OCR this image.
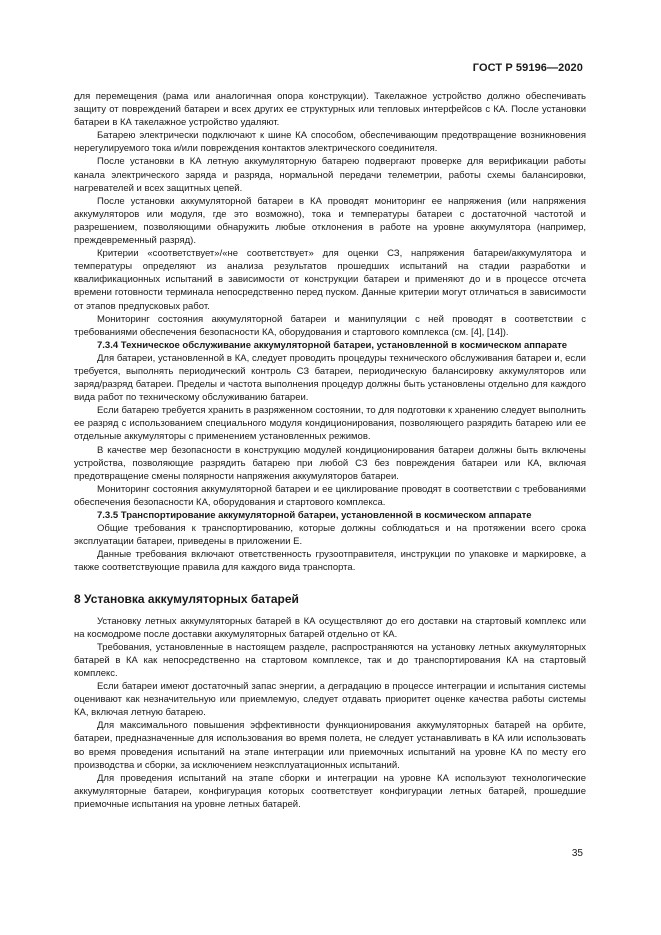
ГОСТ Р 59196—2020

для перемещения (рама или аналогичная опора конструкции). Такелажное устройство должно обеспечивать защиту от повреждений батареи и всех других ее структурных или тепловых интерфейсов с КА. После установки батареи в КА такелажное устройство удаляют.

Батарею электрически подключают к шине КА способом, обеспечивающим предотвращение возникновения нерегулируемого тока и/или повреждения контактов электрического соединителя.

После установки в КА летную аккумуляторную батарею подвергают проверке для верификации работы канала электрического заряда и разряда, нормальной передачи телеметрии, работы схемы балансировки, нагревателей и всех защитных цепей.

После установки аккумуляторной батареи в КА проводят мониторинг ее напряжения (или напряжения аккумуляторов или модуля, где это возможно), тока и температуры батареи с достаточной частотой и разрешением, позволяющими обнаружить любые отклонения в работе на уровне аккумулятора (например, преждевременный разряд).

Критерии «соответствует»/«не соответствует» для оценки СЗ, напряжения батареи/аккумулятора и температуры определяют из анализа результатов прошедших испытаний на стадии разработки и квалификационных испытаний в зависимости от конструкции батареи и применяют до и в процессе отсчета времени готовности терминала непосредственно перед пуском. Данные критерии могут отличаться в зависимости от этапов предпусковых работ.

Мониторинг состояния аккумуляторной батареи и манипуляции с ней проводят в соответствии с требованиями обеспечения безопасности КА, оборудования и стартового комплекса (см. [4], [14]).

7.3.4 Техническое обслуживание аккумуляторной батареи, установленной в космическом аппарате

Для батареи, установленной в КА, следует проводить процедуры технического обслуживания батареи и, если требуется, выполнять периодический контроль СЗ батареи, периодическую балансировку аккумуляторов или заряд/разряд батареи. Пределы и частота выполнения процедур должны быть установлены отдельно для каждого вида работ по техническому обслуживанию батареи.

Если батарею требуется хранить в разряженном состоянии, то для подготовки к хранению следует выполнить ее разряд с использованием специального модуля кондиционирования, позволяющего разрядить батарею или ее отдельные аккумуляторы с применением установленных режимов.

В качестве мер безопасности в конструкцию модулей кондиционирования батареи должны быть включены устройства, позволяющие разрядить батарею при любой СЗ без повреждения батареи или КА, включая предотвращение смены полярности напряжения аккумуляторов батареи.

Мониторинг состояния аккумуляторной батареи и ее циклирование проводят в соответствии с требованиями обеспечения безопасности КА, оборудования и стартового комплекса.

7.3.5 Транспортирование аккумуляторной батареи, установленной в космическом аппарате

Общие требования к транспортированию, которые должны соблюдаться и на протяжении всего срока эксплуатации батареи, приведены в приложении Е.

Данные требования включают ответственность грузоотправителя, инструкции по упаковке и маркировке, а также соответствующие правила для каждого вида транспорта.

8 Установка аккумуляторных батарей

Установку летных аккумуляторных батарей в КА осуществляют до его доставки на стартовый комплекс или на космодроме после доставки аккумуляторных батарей отдельно от КА.

Требования, установленные в настоящем разделе, распространяются на установку летных аккумуляторных батарей в КА как непосредственно на стартовом комплексе, так и до транспортирования КА на стартовый комплекс.

Если батареи имеют достаточный запас энергии, а деградацию в процессе интеграции и испытания системы оценивают как незначительную или приемлемую, следует отдавать приоритет оценке качества работы системы КА, включая летную батарею.

Для максимального повышения эффективности функционирования аккумуляторных батарей на орбите, батареи, предназначенные для использования во время полета, не следует устанавливать в КА или использовать во время проведения испытаний на этапе интеграции или приемочных испытаний на уровне КА по месту его производства и сборки, за исключением неэксплуатационных испытаний.

Для проведения испытаний на этапе сборки и интеграции на уровне КА используют технологические аккумуляторные батареи, конфигурация которых соответствует конфигурации летных батарей, прошедшие приемочные испытания на уровне летных батарей.

35
